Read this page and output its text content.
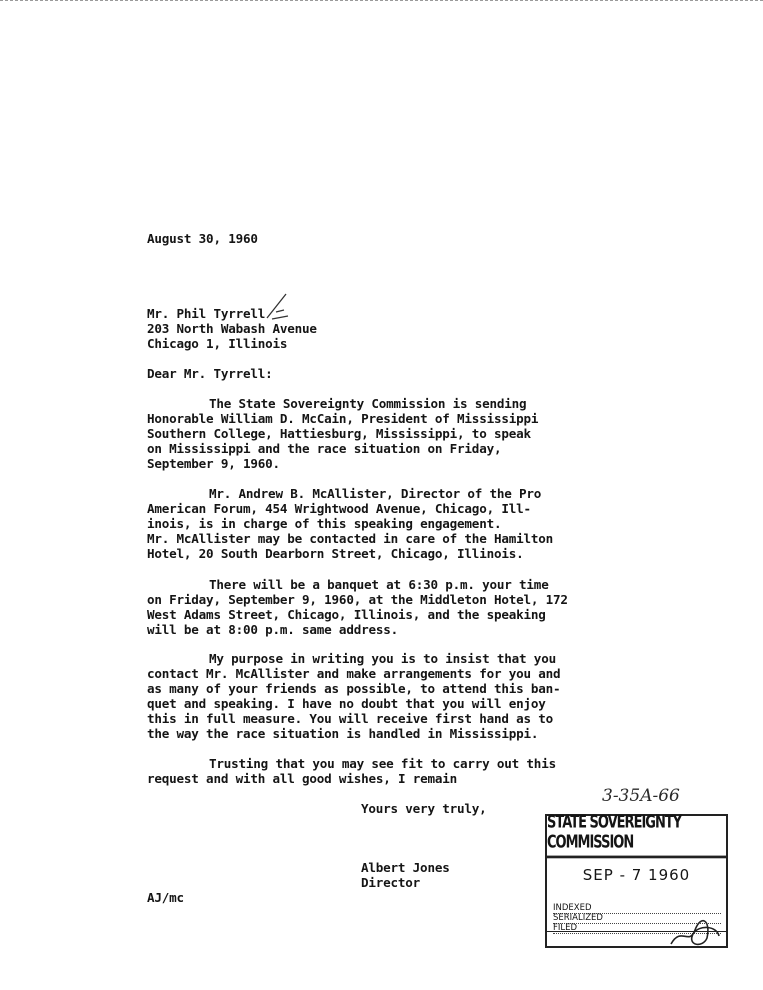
August 30, 1960

Mr. Phil Tyrrell

203 North Wabash Avenue

Chicago 1, Illinois

Dear Mr. Tyrrell:

The State Sovereignty Commission is sending

Honorable William D. McCain, President of Mississippi

Southern College, Hattiesburg, Mississippi, to speak

on Mississippi and the race situation on Friday,

September 9, 1960.

Mr. Andrew B. McAllister, Director of the Pro

American Forum, 454 Wrightwood Avenue, Chicago, Ill-

inois, is in charge of this speaking engagement.

Mr. McAllister may be contacted in care of the Hamilton

Hotel, 20 South Dearborn Street, Chicago, Illinois.

There will be a banquet at 6:30 p.m. your time

on Friday, September 9, 1960, at the Middleton Hotel, 172

West Adams Street, Chicago, Illinois, and the speaking

will be at 8:00 p.m. same address.

My purpose in writing you is to insist that you

contact Mr. McAllister and make arrangements for you and

as many of your friends as possible, to attend this ban-

quet and speaking. I have no doubt that you will enjoy

this in full measure. You will receive first hand as to

the way the race situation is handled in Mississippi.

Trusting that you may see fit to carry out this

request and with all good wishes, I remain

Yours very truly,

Albert Jones

Director

AJ/mc

3-35A-66
STATE SOVEREIGNTY COMMISSION
SEP - 7 1960
INDEXED
SERIALIZED
FILED
